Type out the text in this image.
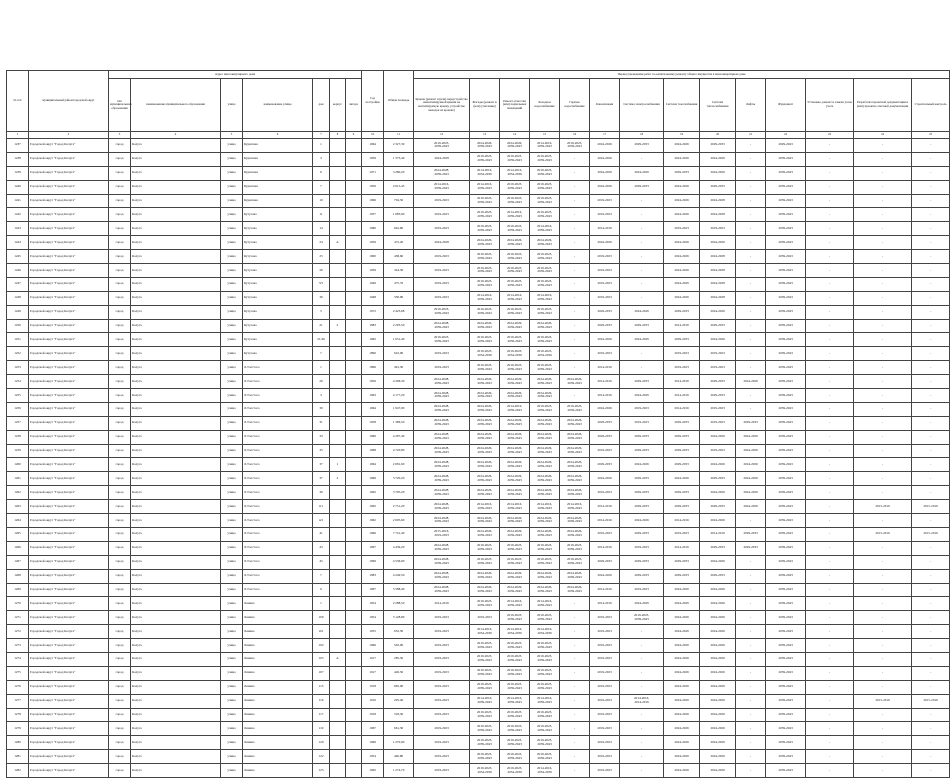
№ п/п	муниципальный район/городской округ	Адрес многоквартирного дома							Год постройки	Общая площадь	Период проведения работ по капитальному ремонту общего имущества в многоквартирном доме													
		тип муниципального образования	наименование муниципального образования	улица	наименование улицы	дом	корпус	литера			Крыша (ремонт и (или) переустройство невентилируемой крыши на вентилируемую крышу, устройство выходов на кровлю)	Фасады (ремонт и (или) утепление)	Ремонт отмостки (или) подвальных помещений	Холодное водоснабжение	Горячее водоснабжение	Канализация	Система электроснабжения	Система газоснабжения	Система теплоснабжения	Лифты	Фундамент	Установка, ремонт и замена узлов учета	Разработка проектной документации и (или) проектно-сметной документации	Строительный контроль
1	2	3	4	5	6	7	8	9	10	11	12	13	14	15	16	17	18	19	20	21	22	23	24	25
1237	Городской округ "Город Калуга"	город	Калуга	улица	Куршская	1			1964	2 327,30	2019-2023,
2039-2043	2024-2026,
2039-2043	2024-2026,
2039-2043	2014-2016,
2039-2043	2019-2023,
2039-2043	2024-2026	2029-2033	2024-2026	2029-2033	-	2029-2043	-	-	-
1238	Городской округ "Город Калуга"	город	Калуга	улица	Куршская	3			1959	1 373,40	2024-2028	2019-2023,
2039-2043	2019-2023,
2039-2043	2019-2023,
2039-2043	-	2024-2026	-	2024-2026	2024-2026	-	2039-2043	-	-	-
1239	Городской округ "Город Калуга"	город	Калуга	улица	Куршская	6			1971	3 280,20	2024-2028,
2039-2043	2014-2016,
2034-2036	2014-2016,
2034-2036	2019-2023,
2039-2043	-	2024-2026	2024-2026	2029-2033	2024-2026	-	2039-2043	-	-	-
1240	Городской округ "Город Калуга"	город	Калуга	улица	Куршская	7			1956	2 615,45	2014-2016,
2039-2043	2014-2016,
2039-2043	2019-2023,
2039-2043	2019-2023,
2039-2043	-	2024-2026	2029-2033	2024-2026	2029-2033	-	2039-2043	-	-	-
1241	Городской округ "Город Калуга"	город	Калуга	улица	Куршская	10			1966	704,50	2019-2023	2019-2023,
2039-2043	2019-2023,
2039-2043	2019-2023,
2039-2043	-	2019-2023	-	2024-2026	2024-2028	-	2039-2043	-	-	-
1242	Городской округ "Город Калуга"	город	Калуга	улица	Кутузова	11			1957	1 683,90	2019-2023	2019-2023,
2039-2043	2014-2016,
2039-2043	2019-2023,
2039-2043	-	2019-2023	-	2024-2026	2024-2028	-	2039-2043	-	-	-
1243	Городской округ "Город Калуга"	город	Калуга	улица	Кутузова	14			1960	942,60	2019-2023	2019-2023,
2039-2043	2019-2023,
2039-2043	2014-2016,
2039-2043	-	2014-2016	-	2019-2023	2019-2023	-	2039-2043	-	-	-
1244	Городской округ "Город Калуга"	город	Калуга	улица	Кутузова	24	А		1959	472,20	2024-2028	2024-2026,
2039-2043	2024-2026,
2039-2043	2024-2026,
2039-2043	-	2024-2026	-	2024-2026	2024-2026	-	2039-2043	-	-	-
1245	Городской округ "Город Калуга"	город	Калуга	улица	Кутузова	25			1900	438,60	2019-2023	2019-2023,
2039-2043	2019-2023,
2039-2043	2019-2023,
2039-2043	-	2019-2023	-	2024-2026	2024-2028	-	2039-2043	-	-	-
1246	Городской округ "Город Калуга"	город	Калуга	улица	Кутузова	26			1939	344,30	2019-2023	2019-2023,
2039-2043	2019-2023,
2039-2043	2019-2023,
2039-2043	-	2019-2023	-	2024-2026	2024-2028	-	2039-2043	-	-	-
1247	Городской округ "Город Калуга"	город	Калуга	улица	Кутузова	3/5			1949	475,70	2019-2023	2019-2023,
2039-2043	2019-2023,
2039-2043	2019-2023,
2039-2043	-	2019-2023	-	2024-2026	2024-2028	-	2039-2043	-	-	-
1248	Городской округ "Город Калуга"	город	Калуга	улица	Кутузова	36			1948	330,90	2019-2023	2014-2016,
2039-2043	2014-2016,
2039-2043	2014-2016,
2039-2043	-	2019-2023	-	2024-2026	2024-2028	-	2039-2043	-	-	-
1249	Городской округ "Город Калуга"	город	Калуга	улица	Кутузова	5			1972	2 423,68	2019-2023,
2039-2043	2019-2023,
2039-2043	2019-2023,
2039-2043	2019-2023,
2039-2043	-	2029-2033	2024-2026	2029-2033	2024-2026	-	2039-2043	-	-	-
1250	Городской округ "Город Калуга"	город	Калуга	улица	Кутузова	21	2		1983	2 203,50	2024-2028,
2039-2043	2024-2026,
2039-2043	2024-2026,
2039-2043	2024-2026,
2039-2043	-	2029-2033	2029-2033	2014-2016	2029-2033	-	2039-2043	-	-	-
1251	Городской округ "Город Калуга"	город	Калуга	улица	Кутузова	21/46			1962	1 651,40	2019-2023,
2039-2043	2019-2023,
2039-2043	2019-2023,
2039-2043	2019-2023,
2039-2043	-	2024-2026	2024-2026	2029-2033	2024-2026	-	2039-2043	-	-	-
1252	Городской округ "Город Калуга"	город	Калуга	улица	Кутузова	7			1890	622,00	2019-2023	2019-2023,
2034-2036	2019-2023,
2034-2036	2019-2023,
2034-2036	-	2019-2023	-	2019-2023	2019-2023	-	2039-2043	-	-	-
1253	Городской округ "Город Калуга"	город	Калуга	улица	Л.Толстого	1			1896	491,30	2019-2023	2019-2023,
2039-2043	2019-2023,
2039-2043	2019-2023,
2039-2043	-	2014-2016	-	2019-2023	2019-2023	-	2039-2043	-	-	-
1254	Городской округ "Город Калуга"	город	Калуга	улица	Л.Толстого	29			1956	4 296,30	2024-2028,
2039-2043	2024-2026,
2039-2043	2024-2026,
2039-2043	2024-2026,
2039-2043	2024-2026,
2039-2043	2014-2016	2029-2033	2014-2016	2029-2033	2024-2026	2039-2043	-	-	-
1255	Городской округ "Город Калуга"	город	Калуга	улица	Л.Толстого	3			1963	4 177,20	2024-2028,
2039-2043	2024-2026,
2039-2043	2024-2026,
2039-2043	2024-2026,
2039-2043	-	2014-2016	2024-2026	2014-2016	2029-2033	-	2039-2043	-	-	-
1256	Городской округ "Город Калуга"	город	Калуга	улица	Л.Толстого	30			1964	1 947,00	2024-2028,
2039-2043	2024-2026,
2039-2043	2014-2016,
2039-2043	2019-2023,
2039-2043	2019-2023,
2039-2043	2024-2026	2019-2023	2014-2016	2019-2023	-	2039-2043	-	-	-
1257	Городской округ "Город Калуга"	город	Калуга	улица	Л.Толстого	31			1958	1 386,50	2024-2028,
2039-2043	2024-2026,
2039-2043	2024-2026,
2039-2043	2024-2026,
2039-2043	2024-2026,
2039-2043	2029-2033	2019-2023	2029-2033	2019-2023	2029-2033	2039-2043	-	-	-
1258	Городской округ "Город Калуга"	город	Калуга	улица	Л.Толстого	33			1966	4 287,40	2024-2028,
2039-2043	2024-2026,
2039-2043	2024-2026,
2039-2043	2024-2026,
2039-2043	2024-2026,
2039-2043	2029-2033	2029-2033	2029-2033	2024-2026	2024-2026	2039-2043	-	-	-
1259	Городской округ "Город Калуга"	город	Калуга	улица	Л.Толстого	35			1968	4 720,80	2024-2028,
2039-2043	2024-2026,
2039-2043	2024-2026,
2039-2043	2024-2026,
2039-2043	2024-2026,
2039-2043	2019-2023	2029-2033	2029-2033	2019-2023	2024-2026	2039-2043	-	-	-
1260	Городской округ "Город Калуга"	город	Калуга	улица	Л.Толстого	37	1		1964	2 681,60	2024-2028,
2039-2043	2024-2026,
2039-2043	2024-2026,
2039-2043	2024-2026,
2039-2043	2024-2026,
2039-2043	2029-2033	2024-2026	2029-2033	2024-2026	2024-2026	2039-2043	-	-	-
1261	Городской округ "Город Калуга"	город	Калуга	улица	Л.Толстого	37	2		1969	3 720,20	2024-2028,
2039-2043	2024-2026,
2039-2043	2024-2026,
2039-2043	2024-2026,
2039-2043	2024-2026,
2039-2043	2024-2026	2029-2033	2024-2026	2029-2033	2024-2026	2039-2043	-	-	-
1262	Городской округ "Город Калуга"	город	Калуга	улица	Л.Толстого	39			1962	3 795,20	2024-2028,
2039-2043	2024-2026,
2039-2043	2024-2026,
2039-2043	2024-2026,
2039-2043	2024-2026,
2039-2043	2019-2023	2029-2033	2029-2033	2024-2026	2024-2026	2039-2043	-	-	-
1263	Городской округ "Город Калуга"	город	Калуга	улица	Л.Толстого	4/1			1962	2 751,20	2024-2028,
2039-2043	2014-2016,
2039-2043	2014-2016,
2039-2043	2014-2016,
2039-2043	2014-2016,
2039-2043	2014-2016	2029-2033	2029-2033	2029-2033	2024-2026	2039-2043	-	2015-2016	2015-2016
1264	Городской округ "Город Калуга"	город	Калуга	улица	Л.Толстого	4/2			1962	2 605,60	2024-2028,
2039-2043	2024-2026,
2039-2043	2024-2026,
2039-2043	2024-2026,
2039-2043	2024-2026,
2039-2043	2014-2016	2024-2026	2014-2016	2024-2026	-	2039-2043	-	-	-
1265	Городской округ "Город Калуга"	город	Калуга	улица	Л.Толстого	41			1966	7 741,40	2015-2016,
2019-2023	2024-2026,
2039-2043	2024-2026,
2039-2043	2024-2026,
2039-2043	2024-2026,
2039-2043	2019-2023	2029-2033	2019-2023	2014-2016	2029-2033	2039-2043	-	2015-2016	2015-2016
1266	Городской округ "Город Калуга"	город	Калуга	улица	Л.Толстого	43			1997	4 439,20	2024-2028,
2039-2043	2019-2023,
2039-2043	2019-2023,
2039-2043	2019-2023,
2039-2043	2019-2023,
2039-2043	2014-2016	2019-2023	2014-2016	2029-2033	2029-2033	2039-2043	-	-	-
1267	Городской округ "Город Калуга"	город	Калуга	улица	Л.Толстого	45			1999	4 536,90	2024-2028,
2039-2043	2019-2023,
2039-2043	2019-2023,
2039-2043	2019-2023,
2039-2043	2019-2023,
2039-2043	2029-2033	2029-2033	2029-2033	2024-2026	-	2039-2043	-	-	-
1268	Городской округ "Город Калуга"	город	Калуга	улица	Л.Толстого	7			1983	4 249,50	2024-2028,
2039-2043	2024-2026,
2039-2043	2024-2026,
2039-2043	2024-2026,
2039-2043	2024-2026,
2039-2043	2024-2026	2029-2033	2029-2033	2029-2033	-	2039-2043	-	-	-
1269	Городской округ "Город Калуга"	город	Калуга	улица	Л.Толстого	9			1967	3 588,40	2024-2028,
2039-2043	2024-2026,
2039-2043	2024-2026,
2039-2043	2024-2026,
2039-2043	2024-2026,
2039-2043	2014-2016	2019-2023	2024-2026	2024-2026	-	2039-2043	-	-	-
1270	Городской округ "Город Калуга"	город	Калуга	улица	Ленина	1			1954	2 288,50	2014-2016	2019-2023,
2039-2043	2014-2016,
2039-2043	2014-2016,
2039-2043	-	2014-2016	2024-2026	2024-2026	2024-2026	-	2039-2043	-	-	-
1271	Городской округ "Город Калуга"	город	Калуга	улица	Ленина	100			1954	3 128,80	2019-2023	2019-2023	2019-2023,
2039-2043	2019-2023,
2039-2043	-	2019-2023	2019-2023,
2039-2043	2024-2026	2024-2026	-	2039-2043	-	-	-
1272	Городской округ "Город Калуга"	город	Калуга	улица	Ленина	101			1955	632,50	2019-2023	2014-2016,
2034-2036	2014-2016,
2034-2036	2014-2016,
2034-2036	-	2019-2023	-	2024-2026	2024-2026	-	2039-2043	-	-	-
1273	Городской округ "Город Калуга"	город	Калуга	улица	Ленина	102			1966	502,00	2019-2023	2019-2023,
2039-2043	2019-2023,
2039-2043	2019-2023,
2039-2043	-	2019-2023	-	2024-2026	2024-2026	-	2039-2043	-	-	-
1274	Городской округ "Город Калуга"	город	Калуга	улица	Ленина	105	А		1917	285,50	2019-2023	2019-2023,
2039-2043	2019-2023,
2039-2043	2019-2023,
2039-2043	-	2019-2023	-	2024-2026	2024-2026	-	2039-2043	-	-	-
1275	Городской округ "Город Калуга"	город	Калуга	улица	Ленина	107			1917	426,50	2019-2023	2019-2023,
2039-2043	2019-2023,
2039-2043	2019-2023,
2039-2043	-	2019-2023	-	2024-2026	2024-2026	-	2039-2043	-	-	-
1276	Городской округ "Город Калуга"	город	Калуга	улица	Ленина	113			1918	665,00	2019-2023	2019-2023,
2039-2043	2019-2023,
2039-2043	2019-2023,
2039-2043	-	2019-2023	-	2024-2026	2024-2026	-	2039-2043	-	-	-
1277	Городской округ "Город Калуга"	город	Калуга	улица	Ленина	116			1916	295,40	2019-2023	2014-2016,
2039-2043	2014-2016,
2039-2043	2014-2016,
2039-2043	-	2019-2023	2014-2016,
2014-2016	2024-2026	2024-2026	-	2039-2043	-	2015-2016	2015-2016
1278	Городской округ "Город Калуга"	город	Калуга	улица	Ленина	117			1918	318,30	2019-2023	2019-2023,
2039-2043	2019-2023,
2039-2043	2019-2023,
2039-2043	-	2019-2023	-	2024-2026	2024-2026	-	2039-2043	-	-	-
1279	Городской округ "Город Калуга"	город	Калуга	улица	Ленина	119			1967	661,30	2019-2023	2019-2023,
2039-2043	2019-2023,
2039-2043	2019-2023,
2039-2043	-	2019-2023	-	2024-2026	2024-2026	-	2039-2043	-	-	-
1280	Городской округ "Город Калуга"	город	Калуга	улица	Ленина	120			1969	1 270,00	2019-2023	2019-2023,
2039-2043	2019-2023,
2039-2043	2019-2023,
2039-2043	-	2019-2023	-	2024-2026	2024-2026	-	2039-2043	-	-	-
1281	Городской округ "Город Калуга"	город	Калуга	улица	Ленина	122			1954	440,80	2019-2023	2019-2023,
2039-2043	2019-2023,
2039-2043	2019-2023,
2039-2043	-	2019-2023	-	2024-2026	2024-2026	-	2039-2043	-	-	-
1282	Городской округ "Город Калуга"	город	Калуга	улица	Ленина	123			1962	1 274,70	2019-2023	2019-2023,
2034-2036	2019-2023,
2034-2036	2014-2016,
2034-2036	-	2019-2023	-	2024-2026	2024-2026	-	2039-2043	-	-	-
